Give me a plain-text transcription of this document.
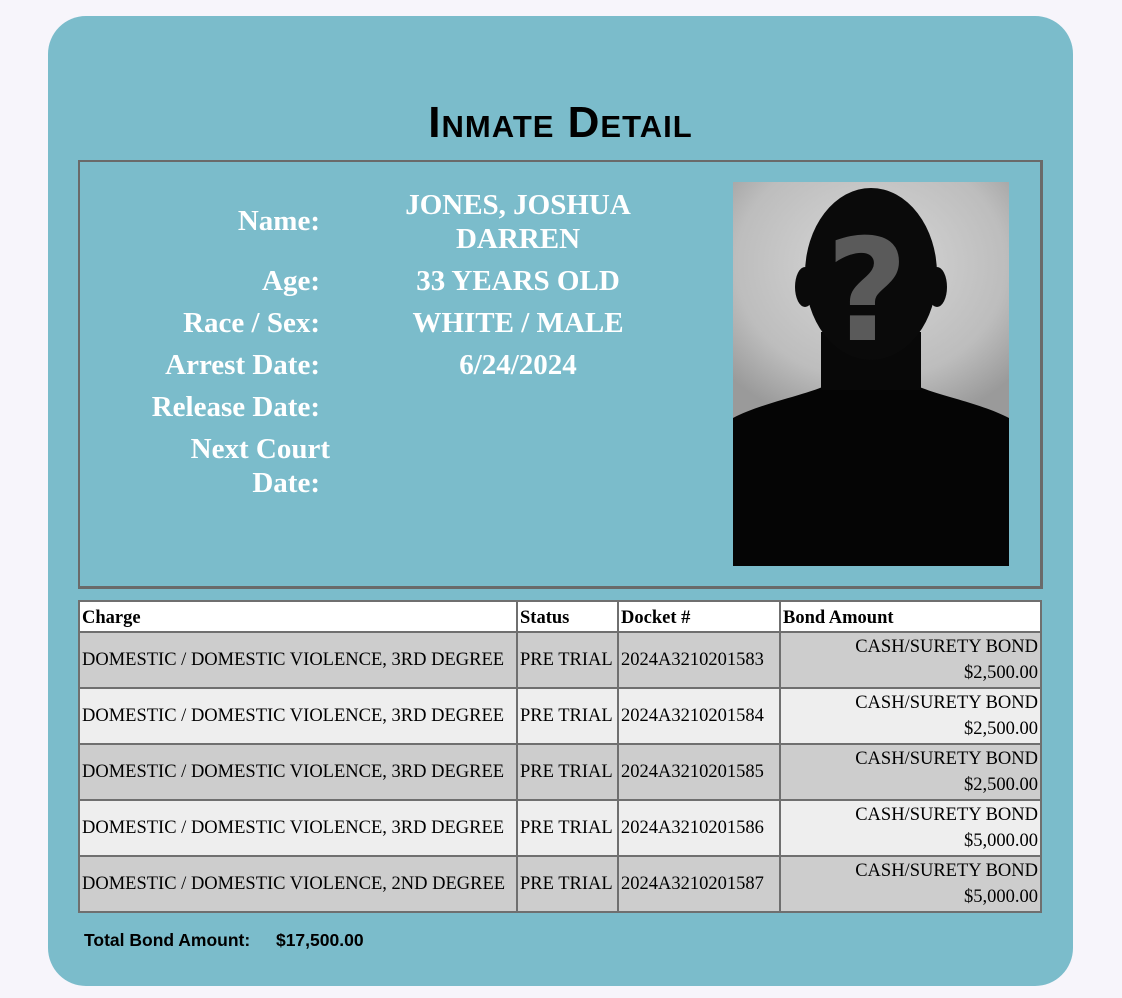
Inmate Detail
Name:	JONES, JOSHUA DARREN
Age:	33 YEARS OLD
Race / Sex:	WHITE / MALE
Arrest Date:	6/24/2024
Release Date:
Next Court
Date:
?
Charge	Status	Docket #	Bond Amount
DOMESTIC / DOMESTIC VIOLENCE, 3RD DEGREE	PRE TRIAL	2024A3210201583	CASH/SURETY BOND
$2,500.00
DOMESTIC / DOMESTIC VIOLENCE, 3RD DEGREE	PRE TRIAL	2024A3210201584	CASH/SURETY BOND
$2,500.00
DOMESTIC / DOMESTIC VIOLENCE, 3RD DEGREE	PRE TRIAL	2024A3210201585	CASH/SURETY BOND
$2,500.00
DOMESTIC / DOMESTIC VIOLENCE, 3RD DEGREE	PRE TRIAL	2024A3210201586	CASH/SURETY BOND
$5,000.00
DOMESTIC / DOMESTIC VIOLENCE, 2ND DEGREE	PRE TRIAL	2024A3210201587	CASH/SURETY BOND
$5,000.00
Total Bond Amount: $17,500.00
